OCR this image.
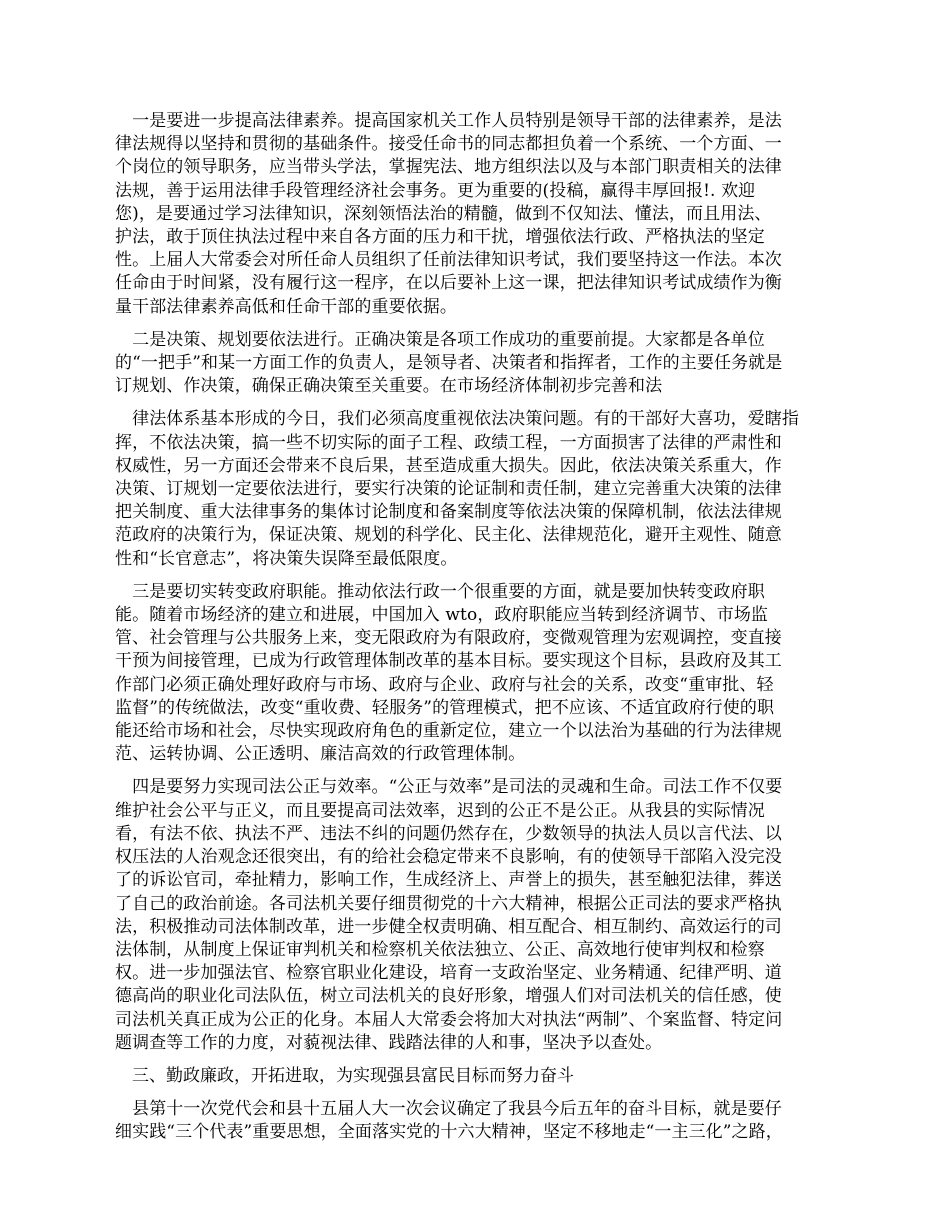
　一是要进一步提高法律素养。提高国家机关工作人员特别是领导干部的法律素养，是法
律法规得以坚持和贯彻的基础条件。接受任命书的同志都担负着一个系统、一个方面、一
个岗位的领导职务，应当带头学法，掌握宪法、地方组织法以及与本部门职责相关的法律
法规，善于运用法律手段管理经济社会事务。更为重要的(投稿，赢得丰厚回报!. 欢迎
您)，是要通过学习法律知识，深刻领悟法治的精髓，做到不仅知法、懂法，而且用法、
护法，敢于顶住执法过程中来自各方面的压力和干扰，增强依法行政、严格执法的坚定
性。上届人大常委会对所任命人员组织了任前法律知识考试，我们要坚持这一作法。本次
任命由于时间紧，没有履行这一程序，在以后要补上这一课，把法律知识考试成绩作为衡
量干部法律素养高低和任命干部的重要依据。
　二是决策、规划要依法进行。正确决策是各项工作成功的重要前提。大家都是各单位
的“一把手”和某一方面工作的负责人，是领导者、决策者和指挥者，工作的主要任务就是
订规划、作决策，确保正确决策至关重要。在市场经济体制初步完善和法
　律法体系基本形成的今日，我们必须高度重视依法决策问题。有的干部好大喜功，爱瞎指
挥，不依法决策，搞一些不切实际的面子工程、政绩工程，一方面损害了法律的严肃性和
权威性，另一方面还会带来不良后果，甚至造成重大损失。因此，依法决策关系重大，作
决策、订规划一定要依法进行，要实行决策的论证制和责任制，建立完善重大决策的法律
把关制度、重大法律事务的集体讨论制度和备案制度等依法决策的保障机制，依法法律规
范政府的决策行为，保证决策、规划的科学化、民主化、法律规范化，避开主观性、随意
性和“长官意志”，将决策失误降至最低限度。
　三是要切实转变政府职能。推动依法行政一个很重要的方面，就是要加快转变政府职
能。随着市场经济的建立和进展，中国加入 wto，政府职能应当转到经济调节、市场监
管、社会管理与公共服务上来，变无限政府为有限政府，变微观管理为宏观调控，变直接
干预为间接管理，已成为行政管理体制改革的基本目标。要实现这个目标，县政府及其工
作部门必须正确处理好政府与市场、政府与企业、政府与社会的关系，改变“重审批、轻
监督”的传统做法，改变“重收费、轻服务”的管理模式，把不应该、不适宜政府行使的职
能还给市场和社会，尽快实现政府角色的重新定位，建立一个以法治为基础的行为法律规
范、运转协调、公正透明、廉洁高效的行政管理体制。
　四是要努力实现司法公正与效率。“公正与效率”是司法的灵魂和生命。司法工作不仅要
维护社会公平与正义，而且要提高司法效率，迟到的公正不是公正。从我县的实际情况
看，有法不依、执法不严、违法不纠的问题仍然存在，少数领导的执法人员以言代法、以
权压法的人治观念还很突出，有的给社会稳定带来不良影响，有的使领导干部陷入没完没
了的诉讼官司，牵扯精力，影响工作，生成经济上、声誉上的损失，甚至触犯法律，葬送
了自己的政治前途。各司法机关要仔细贯彻党的十六大精神，根据公正司法的要求严格执
法，积极推动司法体制改革，进一步健全权责明确、相互配合、相互制约、高效运行的司
法体制，从制度上保证审判机关和检察机关依法独立、公正、高效地行使审判权和检察
权。进一步加强法官、检察官职业化建设，培育一支政治坚定、业务精通、纪律严明、道
德高尚的职业化司法队伍，树立司法机关的良好形象，增强人们对司法机关的信任感，使
司法机关真正成为公正的化身。本届人大常委会将加大对执法“两制”、个案监督、特定问
题调查等工作的力度，对藐视法律、践踏法律的人和事，坚决予以查处。
　三、勤政廉政，开拓进取，为实现强县富民目标而努力奋斗
　县第十一次党代会和县十五届人大一次会议确定了我县今后五年的奋斗目标，就是要仔
细实践“三个代表”重要思想，全面落实党的十六大精神，坚定不移地走“一主三化”之路，
